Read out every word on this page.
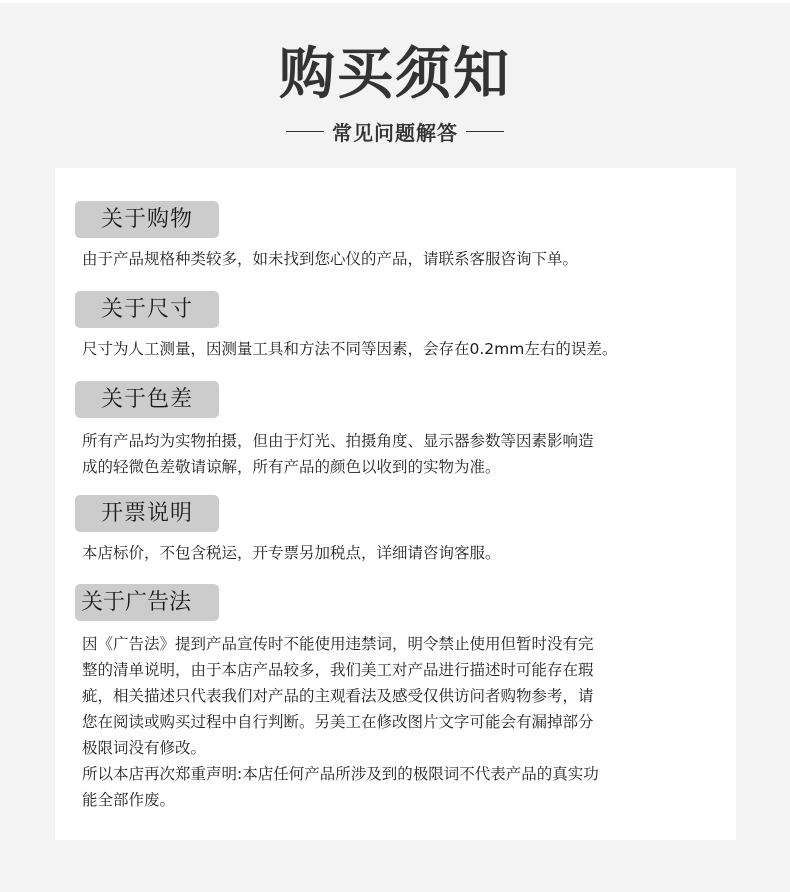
购买须知
常见问题解答
关于购物
由于产品规格种类较多，如未找到您心仪的产品，请联系客服咨询下单。
关于尺寸
尺寸为人工测量，因测量工具和方法不同等因素，会存在0.2mm左右的误差。
关于色差
所有产品均为实物拍摄，但由于灯光、拍摄角度、显示器参数等因素影响造
成的轻微色差敬请谅解，所有产品的颜色以收到的实物为准。
开票说明
本店标价，不包含税运，开专票另加税点，详细请咨询客服。
关于广告法
因《广告法》提到产品宣传时不能使用违禁词，明令禁止使用但暂时没有完
整的清单说明，由于本店产品较多，我们美工对产品进行描述时可能存在瑕
疵，相关描述只代表我们对产品的主观看法及感受仅供访问者购物参考，请
您在阅读或购买过程中自行判断。另美工在修改图片文字可能会有漏掉部分
极限词没有修改。
所以本店再次郑重声明:本店任何产品所涉及到的极限词不代表产品的真实功
能全部作废。
